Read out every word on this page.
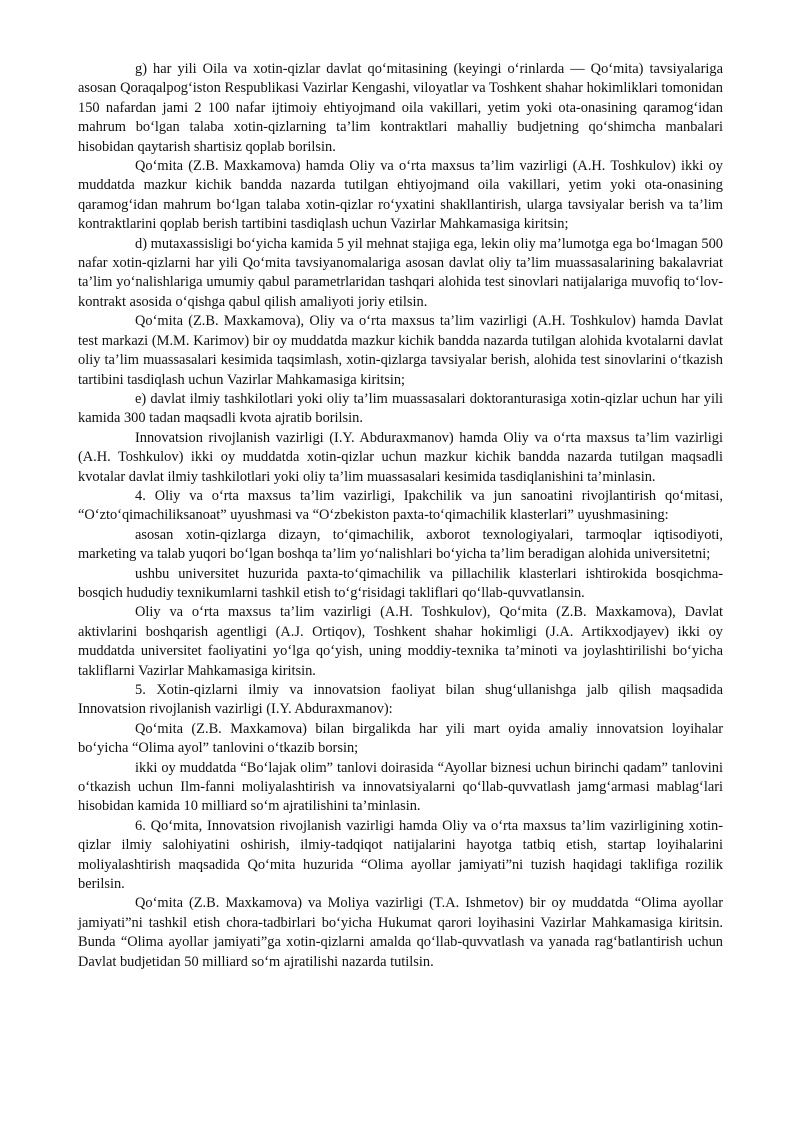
g) har yili Oila va xotin-qizlar davlat qo‘mitasining (keyingi o‘rinlarda — Qo‘mita) tavsiyalariga asosan Qoraqalpog‘iston Respublikasi Vazirlar Kengashi, viloyatlar va Toshkent shahar hokimliklari tomonidan 150 nafardan jami 2 100 nafar ijtimoiy ehtiyojmand oila vakillari, yetim yoki ota-onasining qaramog‘idan mahrum bo‘lgan talaba xotin-qizlarning ta’lim kontraktlari mahalliy budjetning qo‘shimcha manbalari hisobidan qaytarish shartisiz qoplab borilsin.

Qo‘mita (Z.B. Maxkamova) hamda Oliy va o‘rta maxsus ta’lim vazirligi (A.H. Toshkulov) ikki oy muddatda mazkur kichik bandda nazarda tutilgan ehtiyojmand oila vakillari, yetim yoki ota-onasining qaramog‘idan mahrum bo‘lgan talaba xotin-qizlar ro‘yxatini shakllantirish, ularga tavsiyalar berish va ta’lim kontraktlarini qoplab berish tartibini tasdiqlash uchun Vazirlar Mahkamasiga kiritsin;

d) mutaxassisligi bo‘yicha kamida 5 yil mehnat stajiga ega, lekin oliy ma’lumotga ega bo‘lmagan 500 nafar xotin-qizlarni har yili Qo‘mita tavsiyanomalariga asosan davlat oliy ta’lim muassasalarining bakalavriat ta’lim yo‘nalishlariga umumiy qabul parametrlaridan tashqari alohida test sinovlari natijalariga muvofiq to‘lov-kontrakt asosida o‘qishga qabul qilish amaliyoti joriy etilsin.

Qo‘mita (Z.B. Maxkamova), Oliy va o‘rta maxsus ta’lim vazirligi (A.H. Toshkulov) hamda Davlat test markazi (M.M. Karimov) bir oy muddatda mazkur kichik bandda nazarda tutilgan alohida kvotalarni davlat oliy ta’lim muassasalari kesimida taqsimlash, xotin-qizlarga tavsiyalar berish, alohida test sinovlarini o‘tkazish tartibini tasdiqlash uchun Vazirlar Mahkamasiga kiritsin;

e) davlat ilmiy tashkilotlari yoki oliy ta’lim muassasalari doktoranturasiga xotin-qizlar uchun har yili kamida 300 tadan maqsadli kvota ajratib borilsin.

Innovatsion rivojlanish vazirligi (I.Y. Abduraxmanov) hamda Oliy va o‘rta maxsus ta’lim vazirligi (A.H. Toshkulov) ikki oy muddatda xotin-qizlar uchun mazkur kichik bandda nazarda tutilgan maqsadli kvotalar davlat ilmiy tashkilotlari yoki oliy ta’lim muassasalari kesimida tasdiqlanishini ta’minlasin.

4. Oliy va o‘rta maxsus ta’lim vazirligi, Ipakchilik va jun sanoatini rivojlantirish qo‘mitasi, “O‘zto‘qimachiliksanoat” uyushmasi va “O‘zbekiston paxta-to‘qimachilik klasterlari” uyushmasining:

asosan xotin-qizlarga dizayn, to‘qimachilik, axborot texnologiyalari, tarmoqlar iqtisodiyoti, marketing va talab yuqori bo‘lgan boshqa ta’lim yo‘nalishlari bo‘yicha ta’lim beradigan alohida universitetni;

ushbu universitet huzurida paxta-to‘qimachilik va pillachilik klasterlari ishtirokida bosqichma-bosqich hududiy texnikumlarni tashkil etish to‘g‘risidagi takliflari qo‘llab-quvvatlansin.

Oliy va o‘rta maxsus ta’lim vazirligi (A.H. Toshkulov), Qo‘mita (Z.B. Maxkamova), Davlat aktivlarini boshqarish agentligi (A.J. Ortiqov), Toshkent shahar hokimligi (J.A. Artikxodjayev) ikki oy muddatda universitet faoliyatini yo‘lga qo‘yish, uning moddiy-texnika ta’minoti va joylashtirilishi bo‘yicha takliflarni Vazirlar Mahkamasiga kiritsin.

5. Xotin-qizlarni ilmiy va innovatsion faoliyat bilan shug‘ullanishga jalb qilish maqsadida Innovatsion rivojlanish vazirligi (I.Y. Abduraxmanov):

Qo‘mita (Z.B. Maxkamova) bilan birgalikda har yili mart oyida amaliy innovatsion loyihalar bo‘yicha “Olima ayol” tanlovini o‘tkazib borsin;

ikki oy muddatda “Bo‘lajak olim” tanlovi doirasida “Ayollar biznesi uchun birinchi qadam” tanlovini o‘tkazish uchun Ilm-fanni moliyalashtirish va innovatsiyalarni qo‘llab-quvvatlash jamg‘armasi mablag‘lari hisobidan kamida 10 milliard so‘m ajratilishini ta’minlasin.

6. Qo‘mita, Innovatsion rivojlanish vazirligi hamda Oliy va o‘rta maxsus ta’lim vazirligining xotin-qizlar ilmiy salohiyatini oshirish, ilmiy-tadqiqot natijalarini hayotga tatbiq etish, startap loyihalarini moliyalashtirish maqsadida Qo‘mita huzurida “Olima ayollar jamiyati”ni tuzish haqidagi taklifiga rozilik berilsin.

Qo‘mita (Z.B. Maxkamova) va Moliya vazirligi (T.A. Ishmetov) bir oy muddatda “Olima ayollar jamiyati”ni tashkil etish chora-tadbirlari bo‘yicha Hukumat qarori loyihasini Vazirlar Mahkamasiga kiritsin. Bunda “Olima ayollar jamiyati”ga xotin-qizlarni amalda qo‘llab-quvvatlash va yanada rag‘batlantirish uchun Davlat budjetidan 50 milliard so‘m ajratilishi nazarda tutilsin.
